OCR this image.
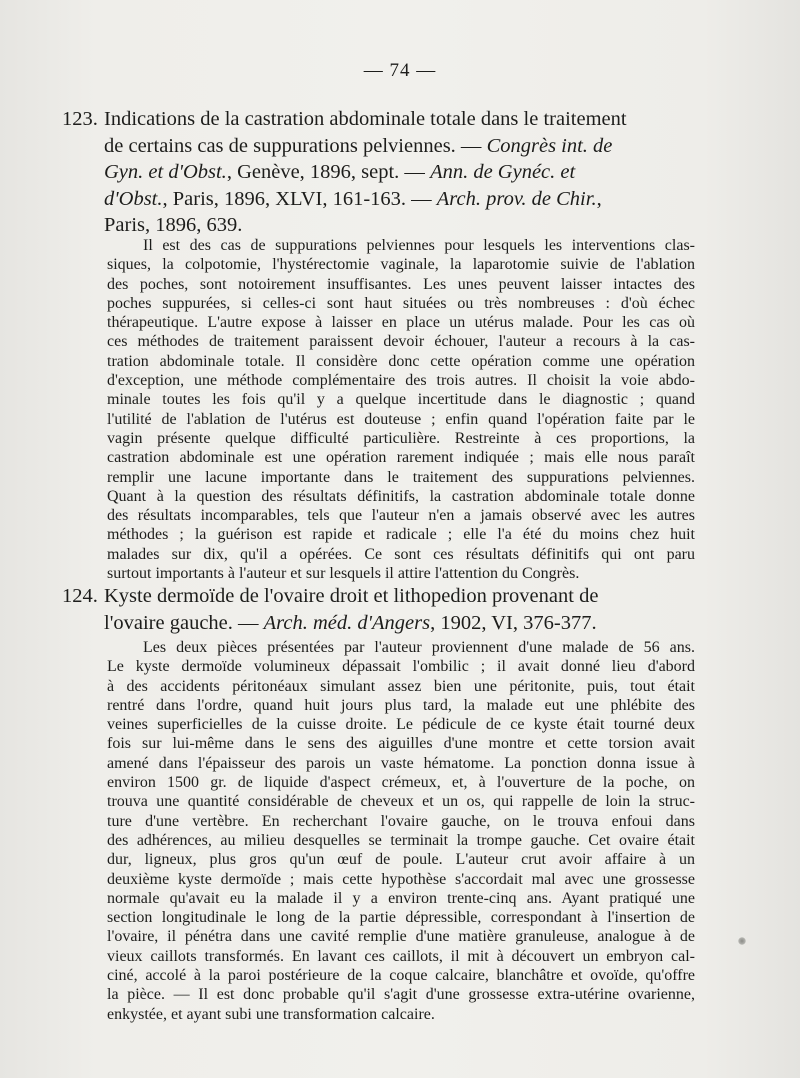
— 74 —
123. Indications de la castration abdominale totale dans le traitement
de certains cas de suppurations pelviennes. — Congrès int. de
Gyn. et d'Obst., Genève, 1896, sept. — Ann. de Gynéc. et
d'Obst., Paris, 1896, XLVI, 161-163. — Arch. prov. de Chir.,
Paris, 1896, 639.
Il est des cas de suppurations pelviennes pour lesquels les interventions clas-
siques, la colpotomie, l'hystérectomie vaginale, la laparotomie suivie de l'ablation
des poches, sont notoirement insuffisantes. Les unes peuvent laisser intactes des
poches suppurées, si celles-ci sont haut situées ou très nombreuses : d'où échec
thérapeutique. L'autre expose à laisser en place un utérus malade. Pour les cas où
ces méthodes de traitement paraissent devoir échouer, l'auteur a recours à la cas-
tration abdominale totale. Il considère donc cette opération comme une opération
d'exception, une méthode complémentaire des trois autres. Il choisit la voie abdo-
minale toutes les fois qu'il y a quelque incertitude dans le diagnostic ; quand
l'utilité de l'ablation de l'utérus est douteuse ; enfin quand l'opération faite par le
vagin présente quelque difficulté particulière. Restreinte à ces proportions, la
castration abdominale est une opération rarement indiquée ; mais elle nous paraît
remplir une lacune importante dans le traitement des suppurations pelviennes.
Quant à la question des résultats définitifs, la castration abdominale totale donne
des résultats incomparables, tels que l'auteur n'en a jamais observé avec les autres
méthodes ; la guérison est rapide et radicale ; elle l'a été du moins chez huit
malades sur dix, qu'il a opérées. Ce sont ces résultats définitifs qui ont paru
surtout importants à l'auteur et sur lesquels il attire l'attention du Congrès.
124. Kyste dermoïde de l'ovaire droit et lithopedion provenant de
l'ovaire gauche. — Arch. méd. d'Angers, 1902, VI, 376-377.
Les deux pièces présentées par l'auteur proviennent d'une malade de 56 ans.
Le kyste dermoïde volumineux dépassait l'ombilic ; il avait donné lieu d'abord
à des accidents péritonéaux simulant assez bien une péritonite, puis, tout était
rentré dans l'ordre, quand huit jours plus tard, la malade eut une phlébite des
veines superficielles de la cuisse droite. Le pédicule de ce kyste était tourné deux
fois sur lui-même dans le sens des aiguilles d'une montre et cette torsion avait
amené dans l'épaisseur des parois un vaste hématome. La ponction donna issue à
environ 1500 gr. de liquide d'aspect crémeux, et, à l'ouverture de la poche, on
trouva une quantité considérable de cheveux et un os, qui rappelle de loin la struc-
ture d'une vertèbre. En recherchant l'ovaire gauche, on le trouva enfoui dans
des adhérences, au milieu desquelles se terminait la trompe gauche. Cet ovaire était
dur, ligneux, plus gros qu'un œuf de poule. L'auteur crut avoir affaire à un
deuxième kyste dermoïde ; mais cette hypothèse s'accordait mal avec une grossesse
normale qu'avait eu la malade il y a environ trente-cinq ans. Ayant pratiqué une
section longitudinale le long de la partie dépressible, correspondant à l'insertion de
l'ovaire, il pénétra dans une cavité remplie d'une matière granuleuse, analogue à de
vieux caillots transformés. En lavant ces caillots, il mit à découvert un embryon cal-
ciné, accolé à la paroi postérieure de la coque calcaire, blanchâtre et ovoïde, qu'offre
la pièce. — Il est donc probable qu'il s'agit d'une grossesse extra-utérine ovarienne,
enkystée, et ayant subi une transformation calcaire.
